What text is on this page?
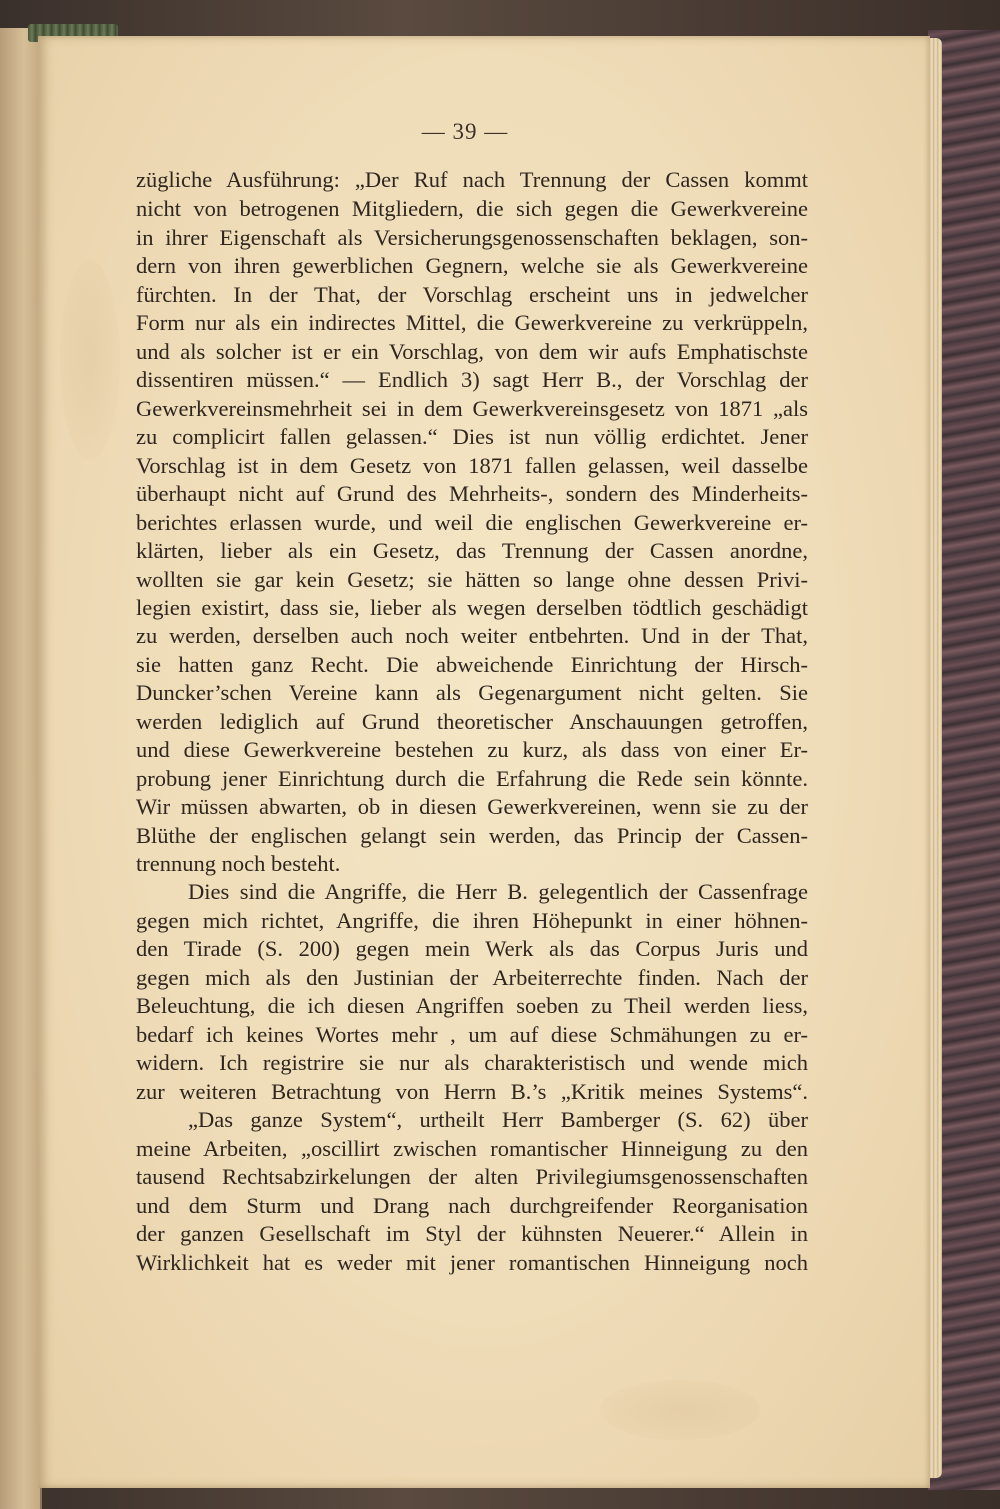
— 39 —
zügliche Ausführung: „Der Ruf nach Trennung der Cassen kommt
nicht von betrogenen Mitgliedern, die sich gegen die Gewerkvereine
in ihrer Eigenschaft als Versicherungsgenossenschaften beklagen, son-
dern von ihren gewerblichen Gegnern, welche sie als Gewerkvereine
fürchten. In der That, der Vorschlag erscheint uns in jedwelcher
Form nur als ein indirectes Mittel, die Gewerkvereine zu verkrüppeln,
und als solcher ist er ein Vorschlag, von dem wir aufs Emphatischste
dissentiren müssen.“ — Endlich 3) sagt Herr B., der Vorschlag der
Gewerkvereinsmehrheit sei in dem Gewerkvereinsgesetz von 1871 „als
zu complicirt fallen gelassen.“ Dies ist nun völlig erdichtet. Jener
Vorschlag ist in dem Gesetz von 1871 fallen gelassen, weil dasselbe
überhaupt nicht auf Grund des Mehrheits-, sondern des Minderheits-
berichtes erlassen wurde, und weil die englischen Gewerkvereine er-
klärten, lieber als ein Gesetz, das Trennung der Cassen anordne,
wollten sie gar kein Gesetz; sie hätten so lange ohne dessen Privi-
legien existirt, dass sie, lieber als wegen derselben tödtlich geschädigt
zu werden, derselben auch noch weiter entbehrten. Und in der That,
sie hatten ganz Recht. Die abweichende Einrichtung der Hirsch-
Duncker’schen Vereine kann als Gegenargument nicht gelten. Sie
werden lediglich auf Grund theoretischer Anschauungen getroffen,
und diese Gewerkvereine bestehen zu kurz, als dass von einer Er-
probung jener Einrichtung durch die Erfahrung die Rede sein könnte.
Wir müssen abwarten, ob in diesen Gewerkvereinen, wenn sie zu der
Blüthe der englischen gelangt sein werden, das Princip der Cassen-
trennung noch besteht.
Dies sind die Angriffe, die Herr B. gelegentlich der Cassenfrage
gegen mich richtet, Angriffe, die ihren Höhepunkt in einer höhnen-
den Tirade (S. 200) gegen mein Werk als das Corpus Juris und
gegen mich als den Justinian der Arbeiterrechte finden. Nach der
Beleuchtung, die ich diesen Angriffen soeben zu Theil werden liess,
bedarf ich keines Wortes mehr , um auf diese Schmähungen zu er-
widern. Ich registrire sie nur als charakteristisch und wende mich
zur weiteren Betrachtung von Herrn B.’s „Kritik meines Systems“.
„Das ganze System“, urtheilt Herr Bamberger (S. 62) über
meine Arbeiten, „oscillirt zwischen romantischer Hinneigung zu den
tausend Rechtsabzirkelungen der alten Privilegiumsgenossenschaften
und dem Sturm und Drang nach durchgreifender Reorganisation
der ganzen Gesellschaft im Styl der kühnsten Neuerer.“ Allein in
Wirklichkeit hat es weder mit jener romantischen Hinneigung noch
